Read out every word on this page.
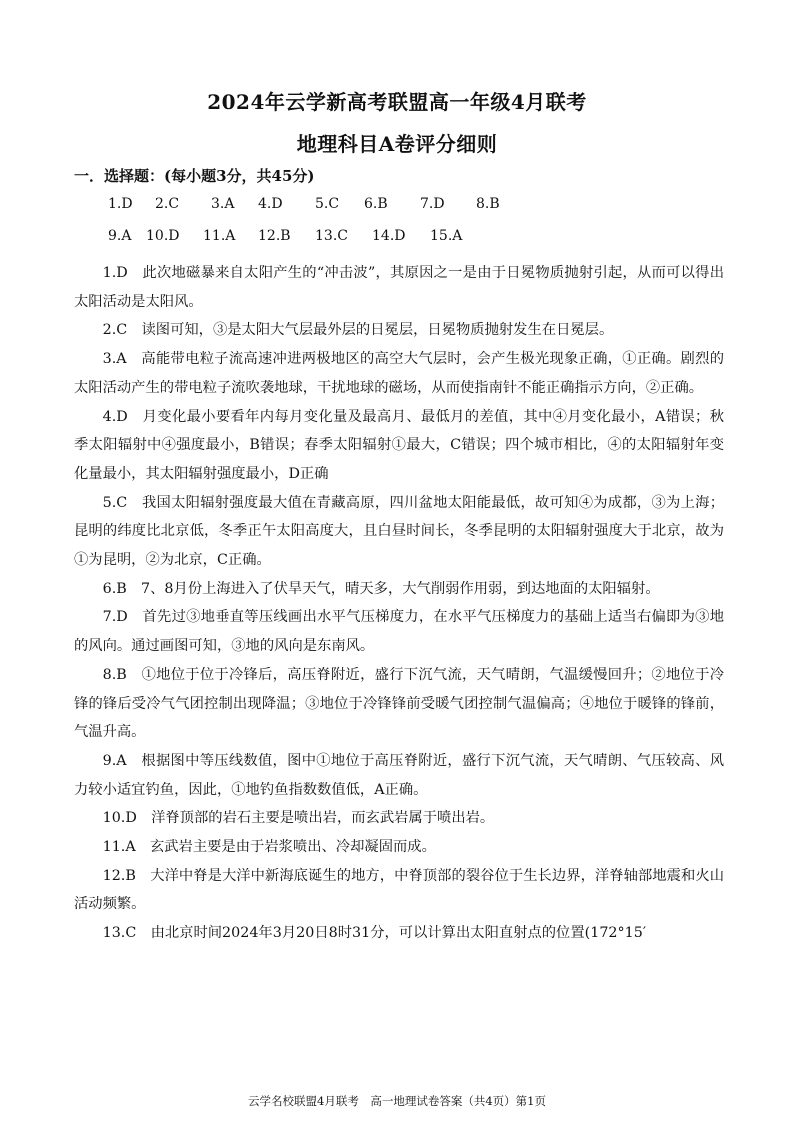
2024年云学新高考联盟高一年级4月联考
地理科目A卷评分细则
一．选择题：(每小题3分，共45分)
1.D 2.C 3.A 4.D 5.C 6.B 7.D 8.B
9.A 10.D 11.A 12.B 13.C 14.D 15.A

1.D　此次地磁暴来自太阳产生的“冲击波”，其原因之一是由于日冕物质抛射引起，从而可以得出太阳活动是太阳风。

2.C　读图可知，③是太阳大气层最外层的日冕层，日冕物质抛射发生在日冕层。

3.A　高能带电粒子流高速冲进两极地区的高空大气层时，会产生极光现象正确，①正确。剧烈的太阳活动产生的带电粒子流吹袭地球，干扰地球的磁场，从而使指南针不能正确指示方向，②正确。

4.D　月变化最小要看年内每月变化量及最高月、最低月的差值，其中④月变化最小，A错误；秋季太阳辐射中④强度最小，B错误；春季太阳辐射①最大，C错误；四个城市相比，④的太阳辐射年变化量最小，其太阳辐射强度最小，D正确

5.C　我国太阳辐射强度最大值在青藏高原，四川盆地太阳能最低，故可知④为成都，③为上海；昆明的纬度比北京低，冬季正午太阳高度大，且白昼时间长，冬季昆明的太阳辐射强度大于北京，故为①为昆明，②为北京，C正确。

6.B　7、8月份上海进入了伏旱天气，晴天多，大气削弱作用弱，到达地面的太阳辐射。

7.D　首先过③地垂直等压线画出水平气压梯度力，在水平气压梯度力的基础上适当右偏即为③地的风向。通过画图可知，③地的风向是东南风。

8.B　①地位于位于冷锋后，高压脊附近，盛行下沉气流，天气晴朗，气温缓慢回升；②地位于冷锋的锋后受冷气气团控制出现降温；③地位于冷锋锋前受暖气团控制气温偏高；④地位于暖锋的锋前，气温升高。

9.A　根据图中等压线数值，图中①地位于高压脊附近，盛行下沉气流，天气晴朗、气压较高、风力较小适宜钓鱼，因此，①地钓鱼指数数值低，A正确。

10.D　洋脊顶部的岩石主要是喷出岩，而玄武岩属于喷出岩。

11.A　玄武岩主要是由于岩浆喷出、冷却凝固而成。

12.B　大洋中脊是大洋中新海底诞生的地方，中脊顶部的裂谷位于生长边界，洋脊轴部地震和火山活动频繁。

13.C　由北京时间2024年3月20日8时31分，可以计算出太阳直射点的位置(172°15′

云学名校联盟4月联考　高一地理试卷答案（共4页）第1页
